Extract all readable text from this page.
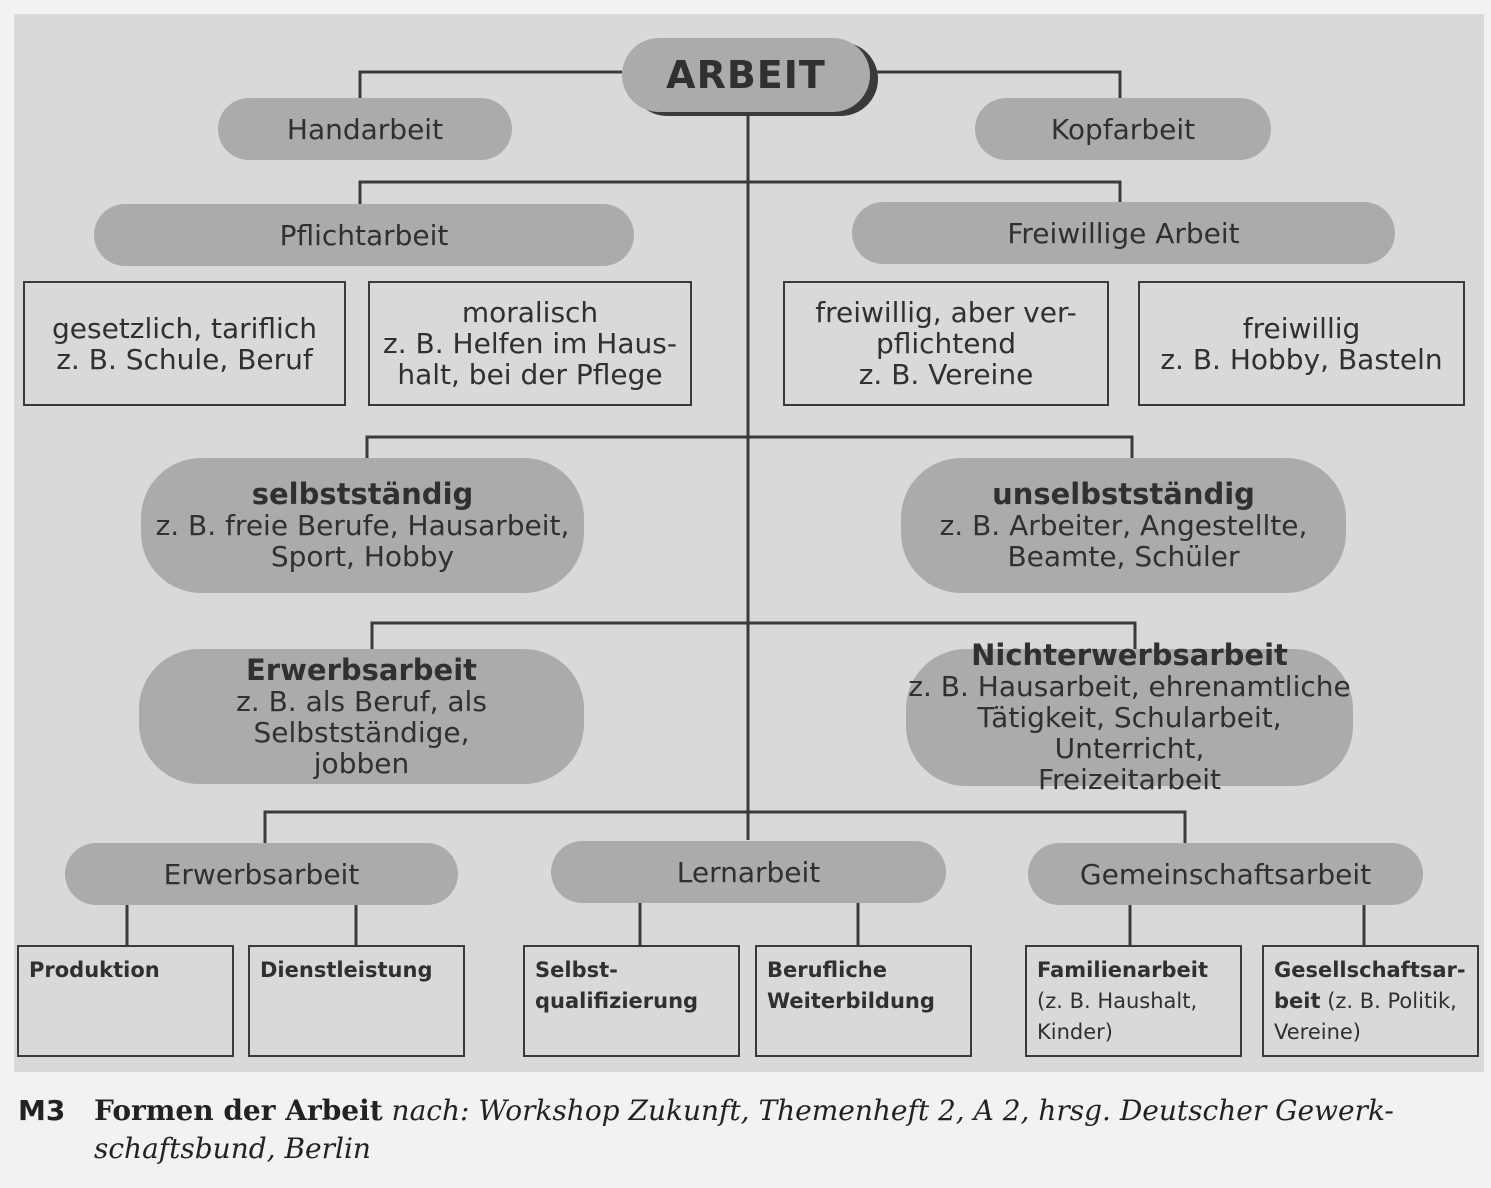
ARBEIT
Handarbeit	Kopfarbeit
Pflichtarbeit	Freiwillige Arbeit
gesetzlich, tariflich
z. B. Schule, Beruf
moralisch
z. B. Helfen im Haus-
halt, bei der Pflege
freiwillig, aber ver-
pflichtend
z. B. Vereine
freiwillig
z. B. Hobby, Basteln
selbstständig
z. B. freie Berufe, Hausarbeit,
Sport, Hobby
unselbstständig
z. B. Arbeiter, Angestellte,
Beamte, Schüler
Erwerbsarbeit
z. B. als Beruf, als Selbstständige,
jobben
Nichterwerbsarbeit
z. B. Hausarbeit, ehrenamtliche
Tätigkeit, Schularbeit, Unterricht,
Freizeitarbeit
Erwerbsarbeit	Lernarbeit	Gemeinschaftsarbeit
Produktion	Dienstleistung	Selbst-
qualifizierung
Berufliche
Weiterbildung
Familienarbeit
(z. B. Haushalt,
Kinder)
Gesellschaftsar-
beit (z. B. Politik,
Vereine)
M3 Formen der Arbeit nach: Workshop Zukunft, Themenheft 2, A 2, hrsg. Deutscher Gewerk-
schaftsbund, Berlin
